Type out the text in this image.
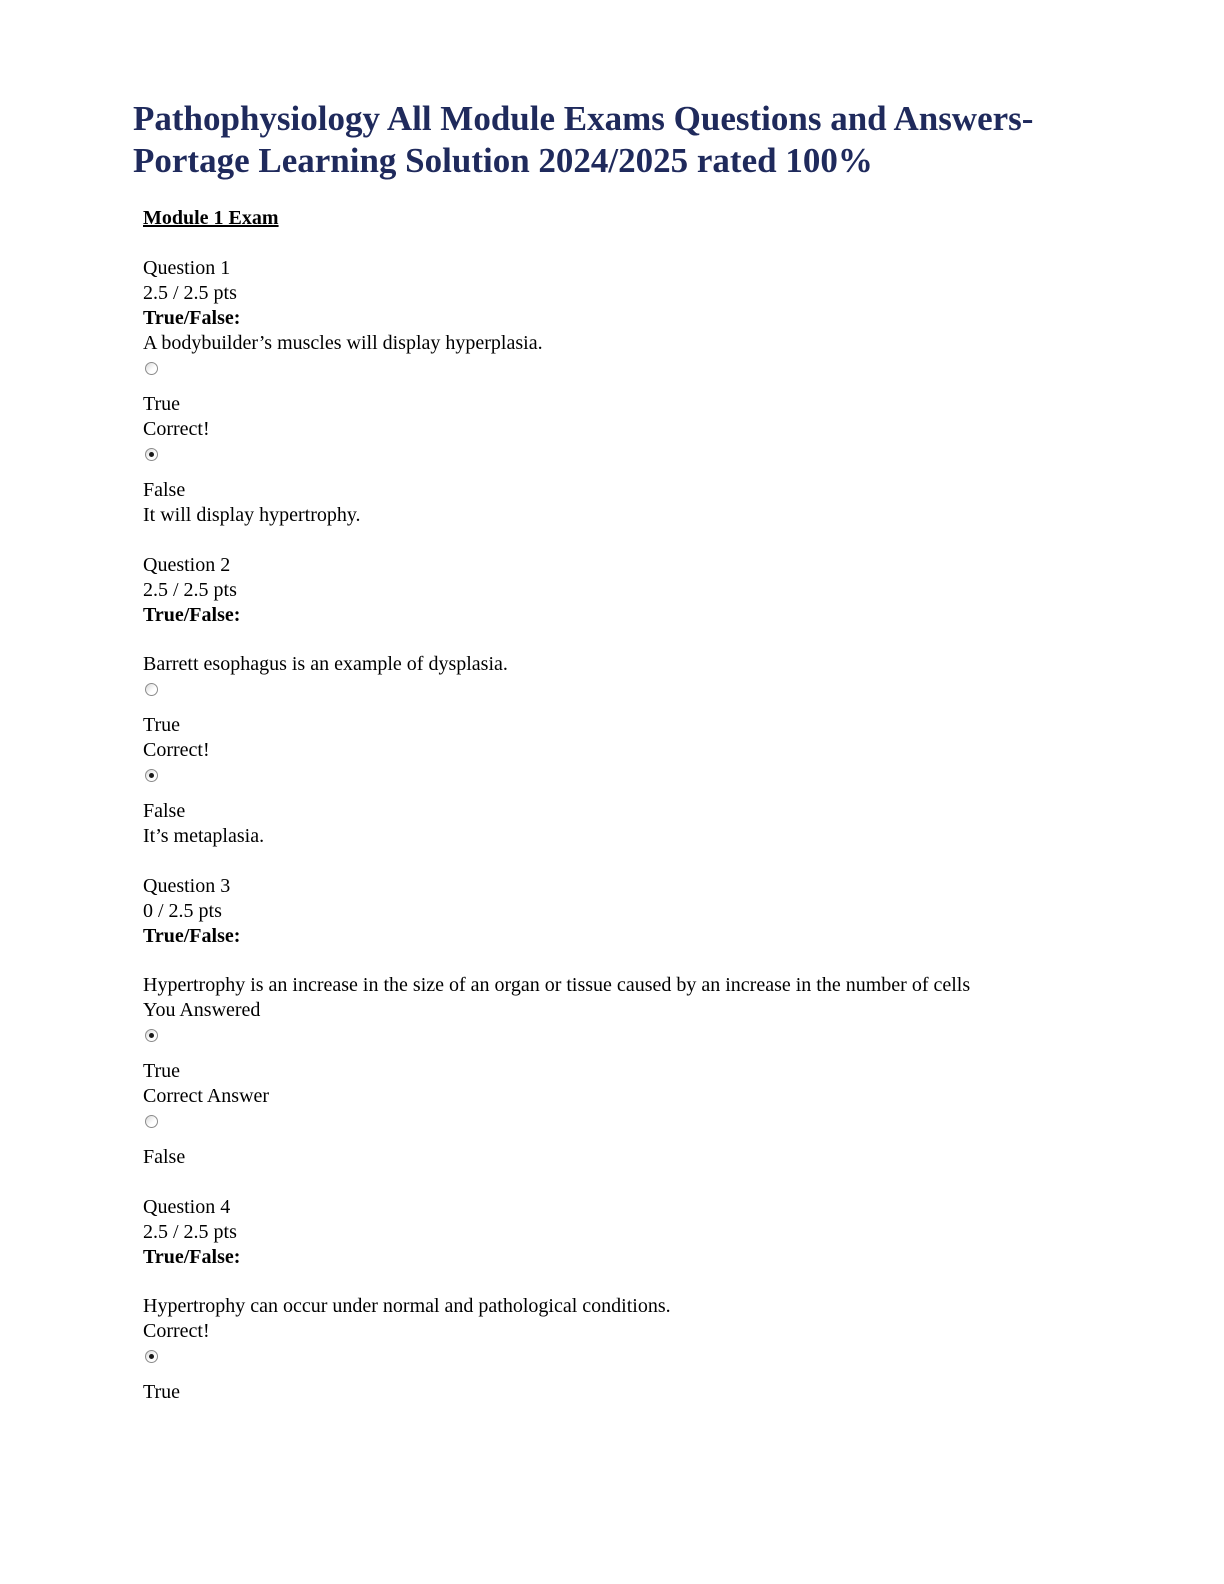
Pathophysiology All Module Exams Questions and Answers-
Portage Learning Solution 2024/2025 rated 100%
Module 1 Exam
Question 1
2.5 / 2.5 pts
True/False:
A bodybuilder’s muscles will display hyperplasia.
True
Correct!
False
It will display hypertrophy.
Question 2
2.5 / 2.5 pts
True/False:
Barrett esophagus is an example of dysplasia.
True
Correct!
False
It’s metaplasia.
Question 3
0 / 2.5 pts
True/False:
Hypertrophy is an increase in the size of an organ or tissue caused by an increase in the number of cells
You Answered
True
Correct Answer
False
Question 4
2.5 / 2.5 pts
True/False:
Hypertrophy can occur under normal and pathological conditions.
Correct!
True
